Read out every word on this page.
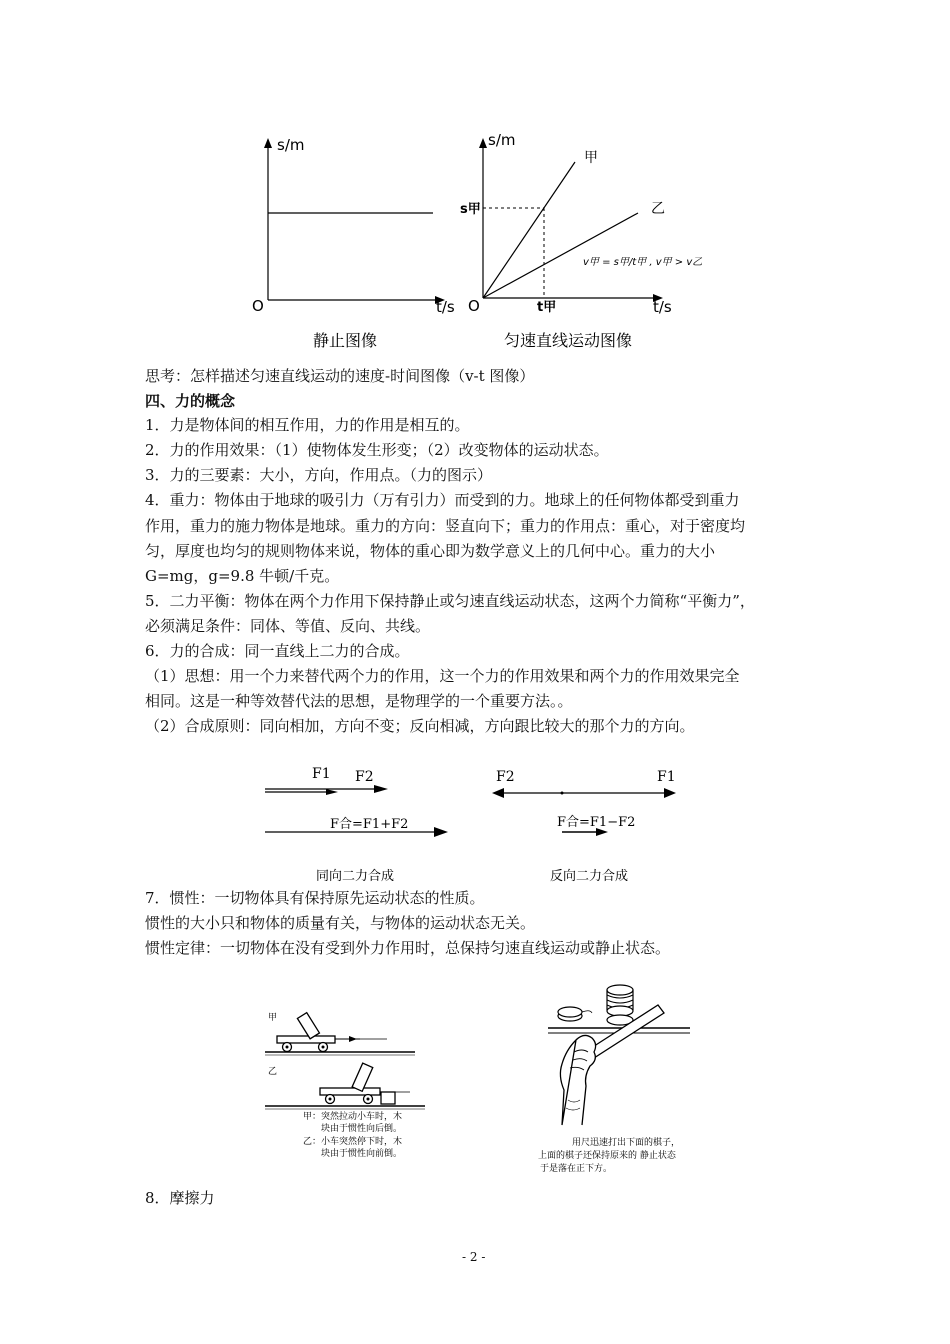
s/m
t/s
O
静止图像
s/m
t/s
O
甲
乙
s甲
t甲
v甲 = s甲/t甲 , v甲 > v乙
匀速直线运动图像
思考：怎样描述匀速直线运动的速度-时间图像（v-t 图像）
四、力的概念
1．力是物体间的相互作用，力的作用是相互的。
2．力的作用效果：（1）使物体发生形变；（2）改变物体的运动状态。
3．力的三要素：大小，方向，作用点。（力的图示）
4．重力：物体由于地球的吸引力（万有引力）而受到的力。地球上的任何物体都受到重力
作用，重力的施力物体是地球。重力的方向：竖直向下；重力的作用点：重心，对于密度均
匀，厚度也均匀的规则物体来说，物体的重心即为数学意义上的几何中心。重力的大小
G=mg，g=9.8 牛顿/千克。
5．二力平衡：物体在两个力作用下保持静止或匀速直线运动状态，这两个力简称“平衡力”，
必须满足条件：同体、等值、反向、共线。
6．力的合成：同一直线上二力的合成。
（1）思想：用一个力来替代两个力的作用，这一个力的作用效果和两个力的作用效果完全
相同。这是一种等效替代法的思想，是物理学的一个重要方法。。
（2）合成原则：同向相加，方向不变；反向相减，方向跟比较大的那个力的方向。
F1 F2
F合=F1+F2
同向二力合成
F2	F1
F合=F1−F2
反向二力合成
7．惯性：一切物体具有保持原先运动状态的性质。
惯性的大小只和物体的质量有关，与物体的运动状态无关。
惯性定律：一切物体在没有受到外力作用时，总保持匀速直线运动或静止状态。
甲
乙
甲：突然拉动小车时，木
块由于惯性向后倒。
乙：小车突然停下时，木
块由于惯性向前倒。
用尺迅速打出下面的棋子，
上面的棋子还保持原来的 静止状态
于是落在正下方。
8．摩擦力
- 2 -
